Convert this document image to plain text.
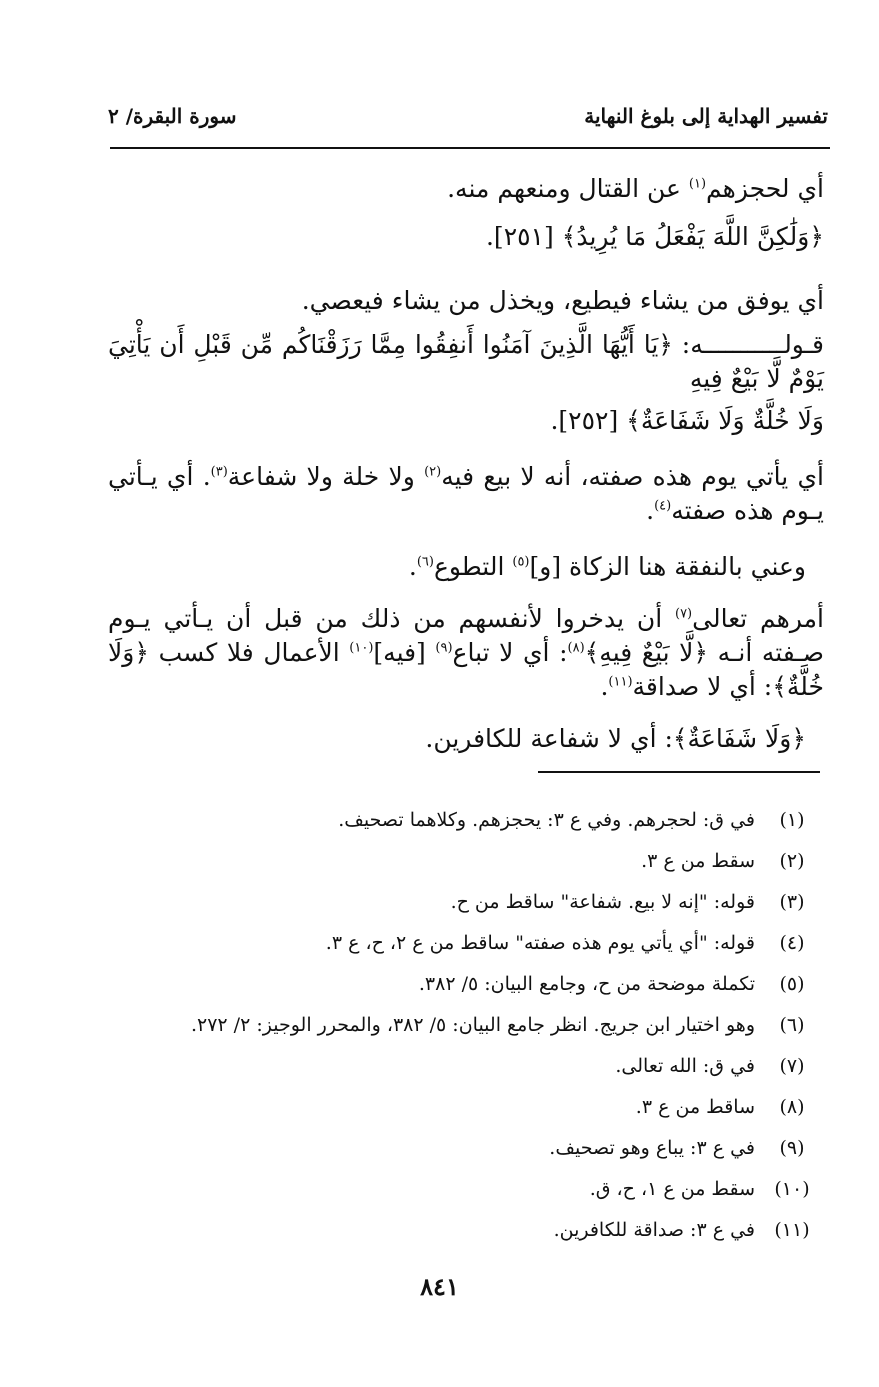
تفسير الهداية إلى بلوغ النهاية
سورة البقرة/ ٢

أي لحجزهم$^{(١)}$ عن القتال ومنعهم منه.

﴿وَلَٰكِنَّ اللَّهَ يَفْعَلُ مَا يُرِيدُ﴾ [٢٥١].

أي يوفق من يشاء فيطيع، ويخذل من يشاء فيعصي.

قـولـــــــــــه: ﴿يَا أَيُّهَا الَّذِينَ آمَنُوا أَنفِقُوا مِمَّا رَزَقْنَاكُم مِّن قَبْلِ أَن يَأْتِيَ يَوْمٌ لَّا بَيْعٌ فِيهِ

وَلَا خُلَّةٌ وَلَا شَفَاعَةٌ﴾ [٢٥٢].

أي يأتي يوم هذه صفته، أنه لا بيع فيه$^{(٢)}$ ولا خلة ولا شفاعة$^{(٣)}$. أي يـأتي يـوم هذه صفته$^{(٤)}$.

وعني بالنفقة هنا الزكاة [و]$^{(٥)}$ التطوع$^{(٦)}$.

أمرهم تعالى$^{(٧)}$ أن يدخروا لأنفسهم من ذلك من قبل أن يـأتي يـوم صـفته أنـه ﴿لَّا بَيْعٌ فِيهِ﴾$^{(٨)}$: أي لا تباع$^{(٩)}$ [فيه]$^{(١٠)}$ الأعمال فلا كسب ﴿وَلَا خُلَّةٌ﴾: أي لا صداقة$^{(١١)}$.

﴿وَلَا شَفَاعَةٌ﴾: أي لا شفاعة للكافرين.

(١)
في ق: لحجرهم. وفي ع ٣: يحجزهم. وكلاهما تصحيف.
(٢)
سقط من ع ٣.
(٣)
قوله: "إنه لا بيع. شفاعة" ساقط من ح.
(٤)
قوله: "أي يأتي يوم هذه صفته" ساقط من ع ٢، ح، ع ٣.
(٥)
تكملة موضحة من ح، وجامع البيان: ٥/ ٣٨٢.
(٦)
وهو اختيار ابن جريج. انظر جامع البيان: ٥/ ٣٨٢، والمحرر الوجيز: ٢/ ٢٧٢.
(٧)
في ق: الله تعالى.
(٨)
ساقط من ع ٣.
(٩)
في ع ٣: يباع وهو تصحيف.
(١٠)
سقط من ع ١، ح، ق.
(١١)
في ع ٣: صداقة للكافرين.
٨٤١
